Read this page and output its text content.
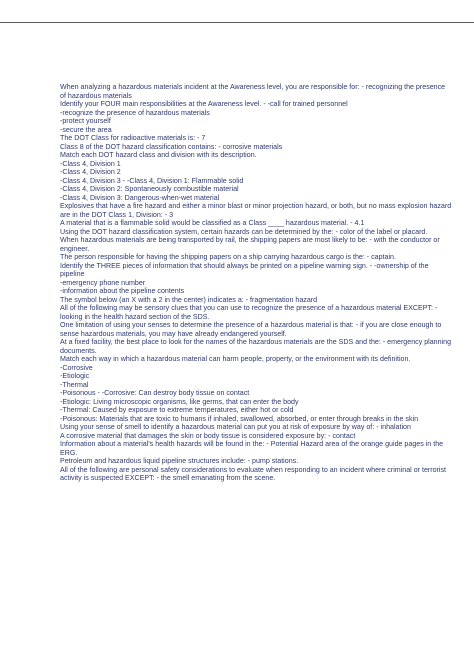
When analyzing a hazardous materials incident at the Awareness level, you are responsible for: - recognizing the presence of hazardous materials
Identify your FOUR main responsibilities at the Awareness level. - -call for trained personnel
-recognize the presence of hazardous materials
-protect yourself
-secure the area
The DOT Class for radioactive materials is: - 7
Class 8 of the DOT hazard classification contains: - corrosive materials
Match each DOT hazard class and division with its description.
-Class 4, Division 1
-Class 4, Division 2
-Class 4, Division 3 - -Class 4, Division 1: Flammable solid
-Class 4, Division 2: Spontaneously combustible material
-Class 4, Division 3: Dangerous-when-wet material
Explosives that have a fire hazard and either a minor blast or minor projection hazard, or both, but no mass explosion hazard are in the DOT Class 1, Division: - 3
A material that is a flammable solid would be classified as a Class ____ hazardous material. - 4.1
Using the DOT hazard classification system, certain hazards can be determined by the: - color of the label or placard.
When hazardous materials are being transported by rail, the shipping papers are most likely to be: - with the conductor or engineer.
The person responsible for having the shipping papers on a ship carrying hazardous cargo is the: - captain.
Identify the THREE pieces of information that should always be printed on a pipeline warning sign. - -ownership of the pipeline
-emergency phone number
-information about the pipeline contents
The symbol below (an X with a 2 in the center) indicates a: - fragmentation hazard
All of the following may be sensory clues that you can use to recognize the presence of a hazardous material EXCEPT: - looking in the health hazard section of the SDS.
One limitation of using your senses to determine the presence of a hazardous material is that: - if you are close enough to sense hazardous materials, you may have already endangered yourself.
At a fixed facility, the best place to look for the names of the hazardous materials are the SDS and the: - emergency planning documents.
Match each way in which a hazardous material can harm people, property, or the environment with its definition.
-Corrosive
-Etiologic
-Thermal
-Poisonous - -Corrosive: Can destroy body tissue on contact
-Etiologic: Living microscopic organisms, like germs, that can enter the body
-Thermal: Caused by exposure to extreme temperatures, either hot or cold
-Poisonous: Materials that are toxic to humans if inhaled, swallowed, absorbed, or enter through breaks in the skin
Using your sense of smell to identify a hazardous material can put you at risk of exposure by way of: - inhalation
A corrosive material that damages the skin or body tissue is considered exposure by: - contact
Information about a material's health hazards will be found in the: - Potential Hazard area of the orange guide pages in the ERG.
Petroleum and hazardous liquid pipeline structures include: - pump stations.
All of the following are personal safety considerations to evaluate when responding to an incident where criminal or terrorist activity is suspected EXCEPT: - the smell emanating from the scene.
